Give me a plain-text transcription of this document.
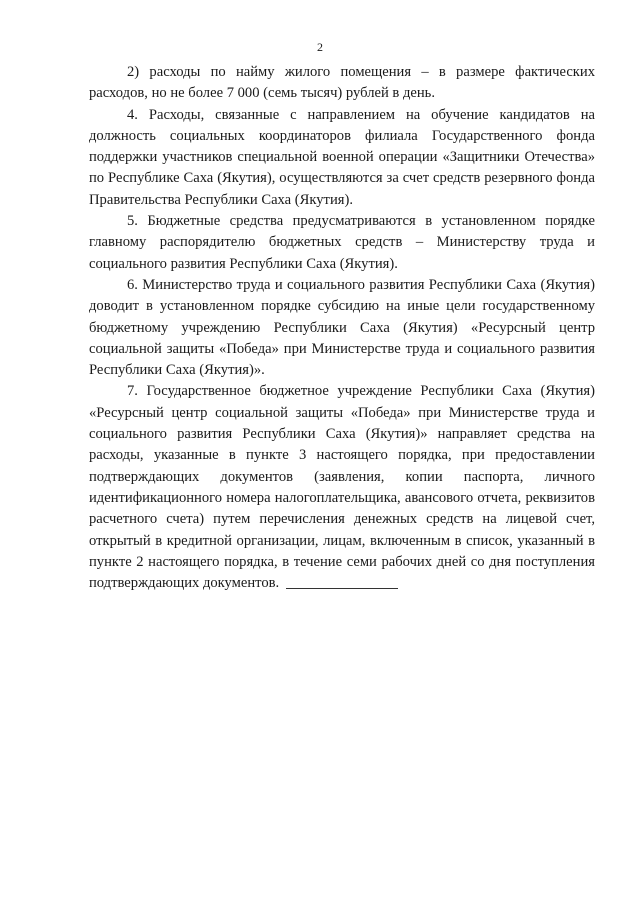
2

2) расходы по найму жилого помещения – в размере фактических расходов, но не более 7 000 (семь тысяч) рублей в день.

4. Расходы, связанные с направлением на обучение кандидатов на должность социальных координаторов филиала Государственного фонда поддержки участников специальной военной операции «Защитники Отечества» по Республике Саха (Якутия), осуществляются за счет средств резервного фонда Правительства Республики Саха (Якутия).

5. Бюджетные средства предусматриваются в установленном порядке главному распорядителю бюджетных средств – Министерству труда и социального развития Республики Саха (Якутия).

6. Министерство труда и социального развития Республики Саха (Якутия) доводит в установленном порядке субсидию на иные цели государственному бюджетному учреждению Республики Саха (Якутия) «Ресурсный центр социальной защиты «Победа» при Министерстве труда и социального развития Республики Саха (Якутия)».

7. Государственное бюджетное учреждение Республики Саха (Якутия) «Ресурсный центр социальной защиты «Победа» при Министерстве труда и социального развития Республики Саха (Якутия)» направляет средства на расходы, указанные в пункте 3 настоящего порядка, при предоставлении подтверждающих документов (заявления, копии паспорта, личного идентификационного номера налогоплательщика, авансового отчета, реквизитов расчетного счета) путем перечисления денежных средств на лицевой счет, открытый в кредитной организации, лицам, включенным в список, указанный в пункте 2 настоящего порядка, в течение семи рабочих дней со дня поступления подтверждающих документов.
